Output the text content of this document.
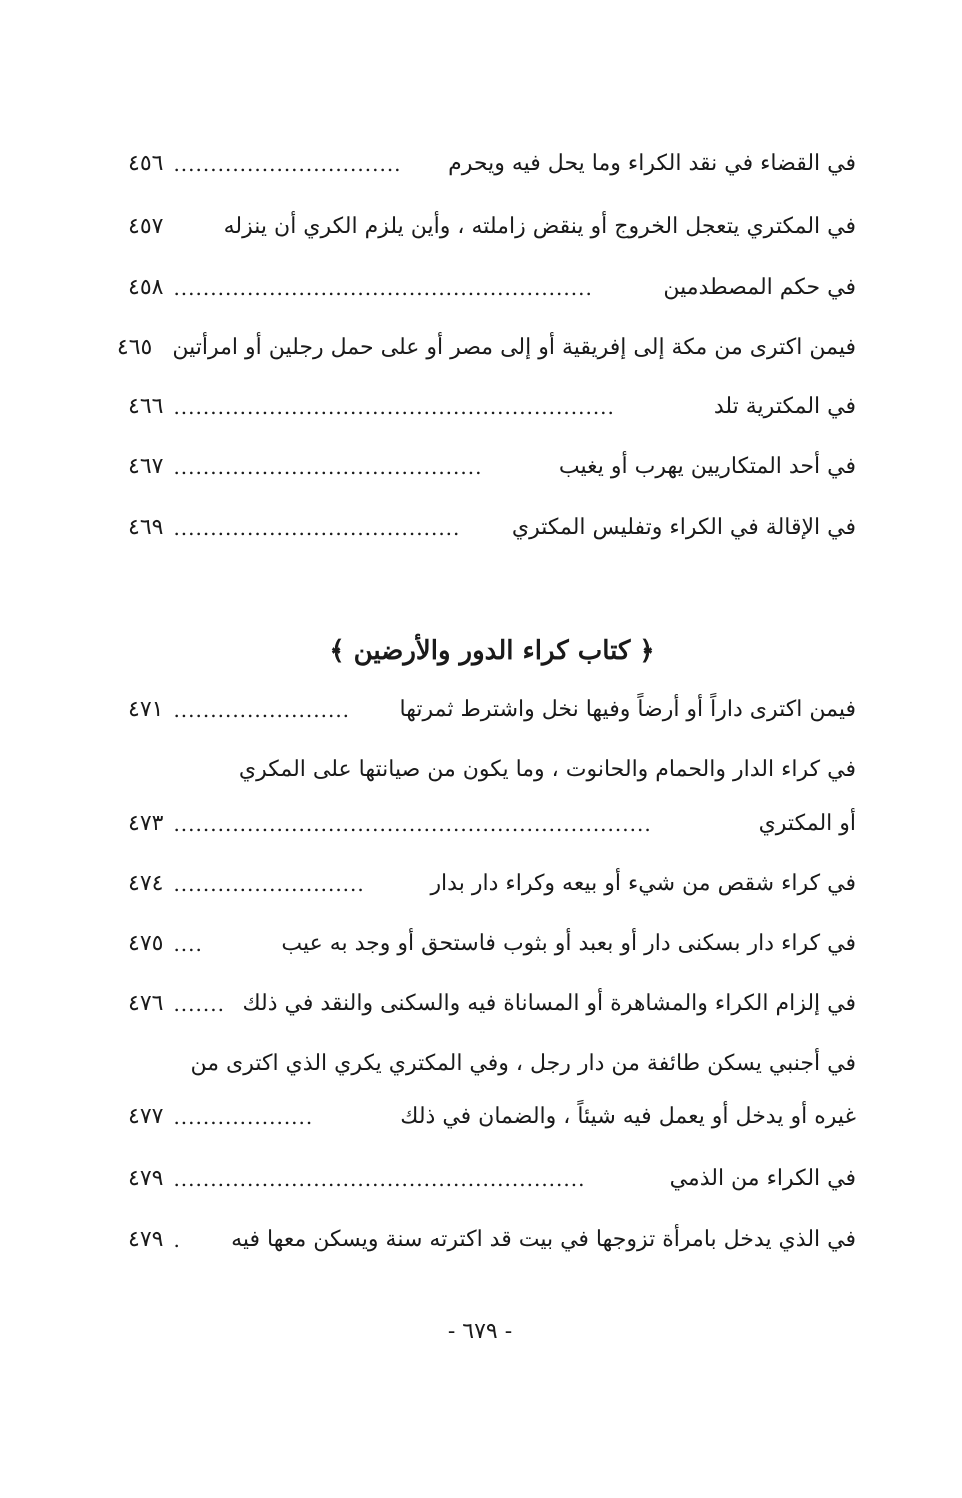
في القضاء في نقد الكراء وما يحل فيه ويحرم
...............................
٤٥٦
في المكتري يتعجل الخروج أو ينقض زاملته ، وأين يلزم الكري أن ينزله
٤٥٧
في حكم المصطدمين
.........................................................
٤٥٨
فيمن اكترى من مكة إلى إفريقية أو إلى مصر أو على حمل رجلين أو امرأتين
٤٦٥
في المكترية تلد
............................................................
٤٦٦
في أحد المتكاريين يهرب أو يغيب
..........................................
٤٦٧
في الإقالة في الكراء وتفليس المكتري
.......................................
٤٦٩
﴿ كتاب كراء الدور والأرضين ﴾
فيمن اكترى داراً أو أرضاً وفيها نخل واشترط ثمرتها
........................
٤٧١
في كراء الدار والحمام والحانوت ، وما يكون من صيانتها على المكري
أو المكتري
.................................................................
٤٧٣
في كراء شقص من شيء أو بيعه وكراء دار بدار
..........................
٤٧٤
في كراء دار بسكنى دار أو بعبد أو بثوب فاستحق أو وجد به عيب
....
٤٧٥
في إلزام الكراء والمشاهرة أو المساناة فيه والسكنى والنقد في ذلك
.......
٤٧٦
في أجنبي يسكن طائفة من دار رجل ، وفي المكتري يكري الذي اكترى من
غيره أو يدخل أو يعمل فيه شيئاً ، والضمان في ذلك
...................
٤٧٧
في الكراء من الذمي
........................................................
٤٧٩
في الذي يدخل بامرأة تزوجها في بيت قد اكترته سنة ويسكن معها فيه
.
٤٧٩
- ٦٧٩ -
